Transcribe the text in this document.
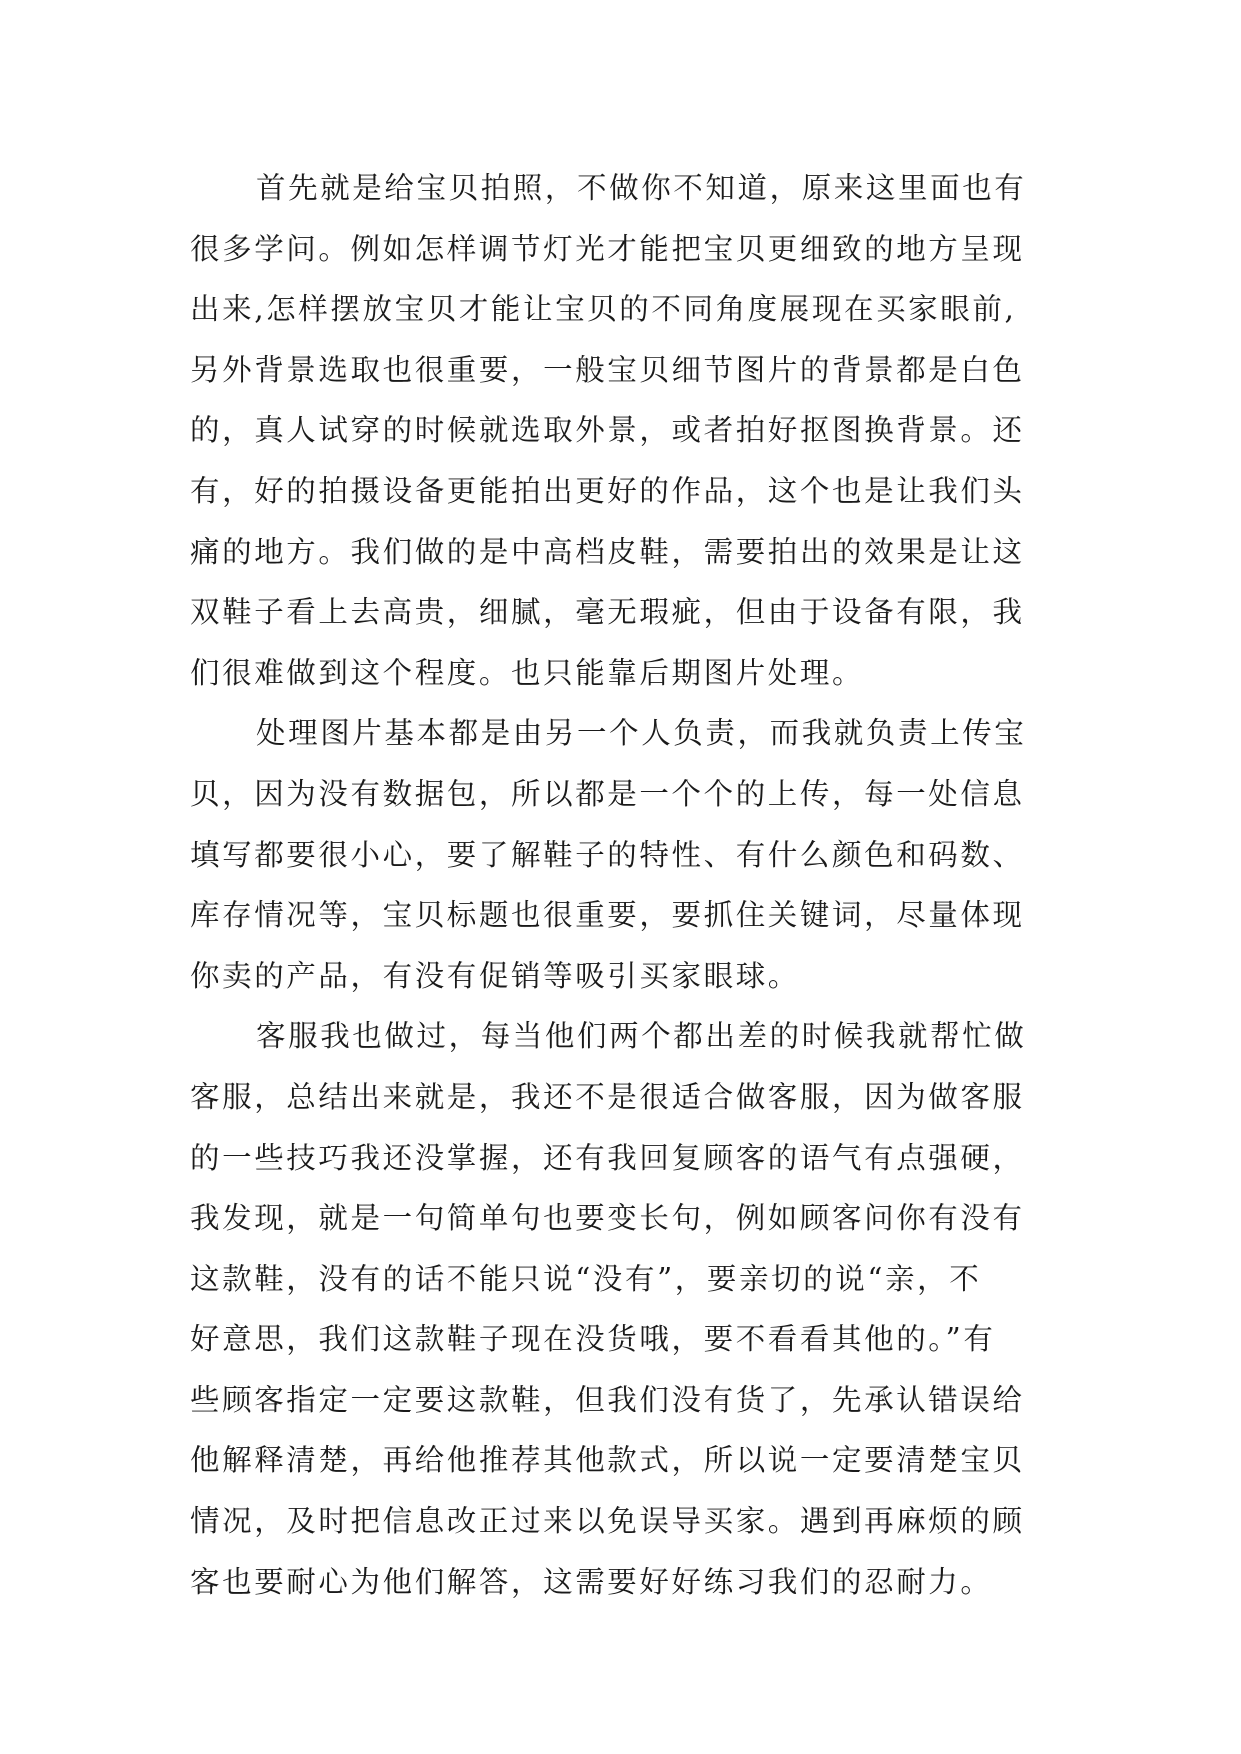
首先就是给宝贝拍照，不做你不知道，原来这里面也有
很多学问。例如怎样调节灯光才能把宝贝更细致的地方呈现
出来,怎样摆放宝贝才能让宝贝的不同角度展现在买家眼前,
另外背景选取也很重要，一般宝贝细节图片的背景都是白色
的，真人试穿的时候就选取外景，或者拍好抠图换背景。还
有，好的拍摄设备更能拍出更好的作品，这个也是让我们头
痛的地方。我们做的是中高档皮鞋，需要拍出的效果是让这
双鞋子看上去高贵，细腻，毫无瑕疵，但由于设备有限，我
们很难做到这个程度。也只能靠后期图片处理。
处理图片基本都是由另一个人负责，而我就负责上传宝
贝，因为没有数据包，所以都是一个个的上传，每一处信息
填写都要很小心，要了解鞋子的特性、有什么颜色和码数、
库存情况等，宝贝标题也很重要，要抓住关键词，尽量体现
你卖的产品，有没有促销等吸引买家眼球。
客服我也做过，每当他们两个都出差的时候我就帮忙做
客服，总结出来就是，我还不是很适合做客服，因为做客服
的一些技巧我还没掌握，还有我回复顾客的语气有点强硬，
我发现，就是一句简单句也要变长句，例如顾客问你有没有
这款鞋，没有的话不能只说“没有”，要亲切的说“亲，不
好意思，我们这款鞋子现在没货哦，要不看看其他的。”有
些顾客指定一定要这款鞋，但我们没有货了，先承认错误给
他解释清楚，再给他推荐其他款式，所以说一定要清楚宝贝
情况，及时把信息改正过来以免误导买家。遇到再麻烦的顾
客也要耐心为他们解答，这需要好好练习我们的忍耐力。
